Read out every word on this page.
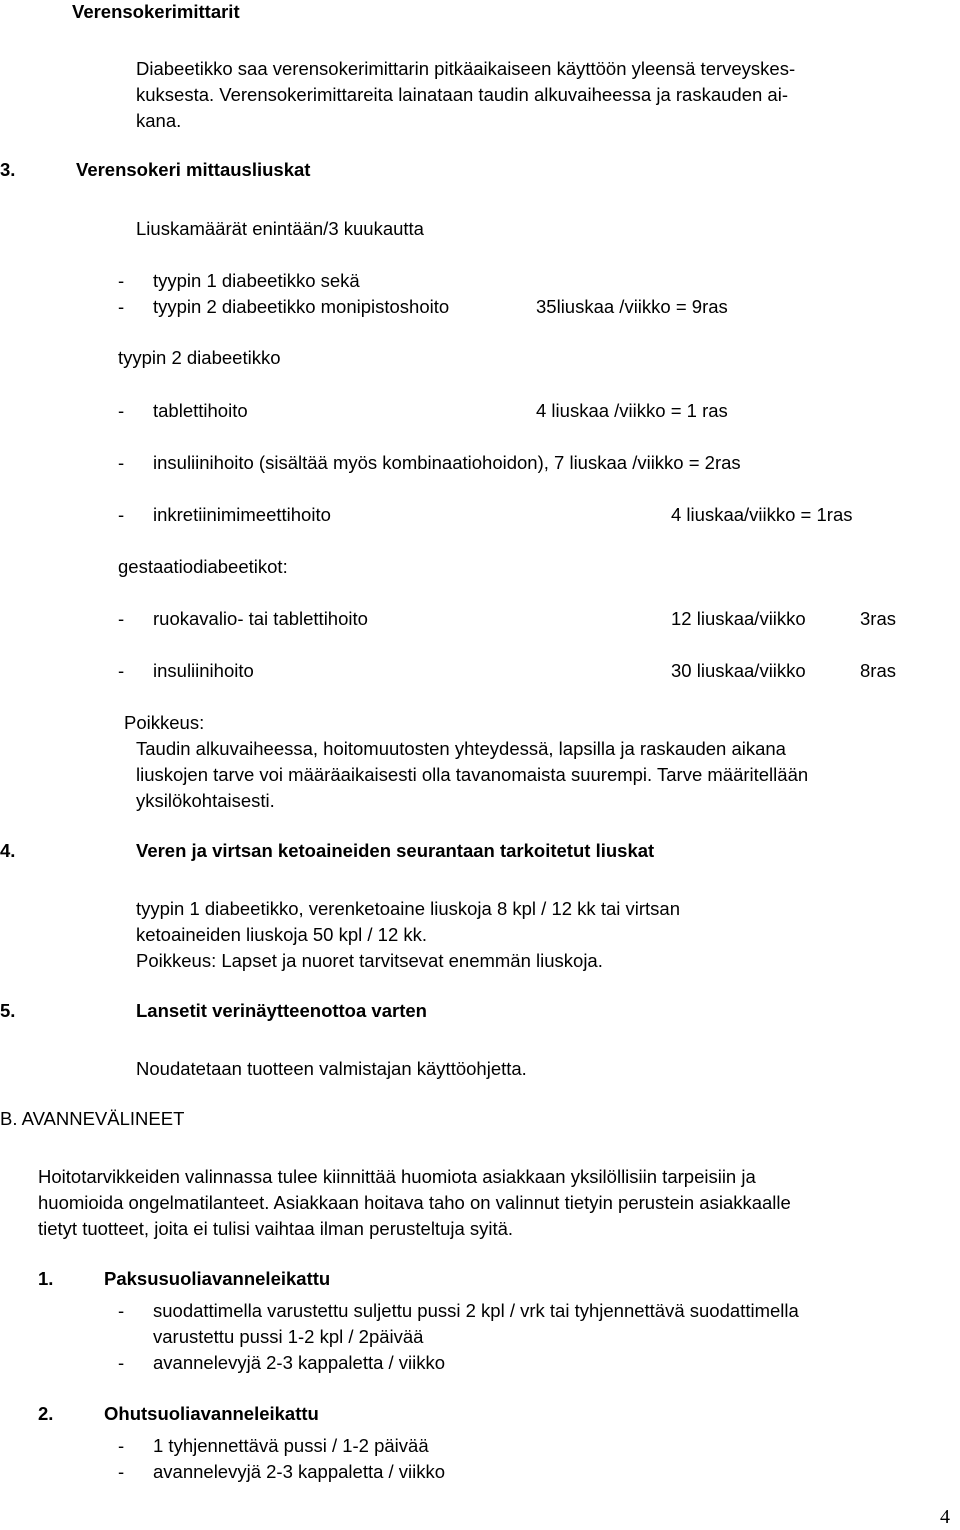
Verensokerimittarit
Diabeetikko saa verensokerimittarin pitkäaikaiseen käyttöön yleensä terveyskes-
kuksesta. Verensokerimittareita lainataan taudin alkuvaiheessa ja raskauden ai-
kana.
3.	Verensokeri mittausliuskat
Liuskamäärät enintään/3 kuukautta
- tyypin 1 diabeetikko sekä
- tyypin 2 diabeetikko monipistoshoito	35liuskaa /viikko = 9ras
tyypin 2 diabeetikko
- tablettihoito	4 liuskaa /viikko = 1 ras
- insuliinihoito (sisältää myös kombinaatiohoidon), 7 liuskaa /viikko = 2ras
- inkretiinimimeettihoito	4 liuskaa/viikko = 1ras
gestaatiodiabeetikot:
- ruokavalio- tai tablettihoito	12 liuskaa/viikko	3ras
- insuliinihoito	30 liuskaa/viikko	8ras
Poikkeus:
Taudin alkuvaiheessa, hoitomuutosten yhteydessä, lapsilla ja raskauden aikana
liuskojen tarve voi määräaikaisesti olla tavanomaista suurempi. Tarve määritellään
yksilökohtaisesti.
4.	Veren ja virtsan ketoaineiden seurantaan tarkoitetut liuskat
tyypin 1 diabeetikko, verenketoaine liuskoja 8 kpl / 12 kk tai virtsan
ketoaineiden liuskoja 50 kpl / 12 kk.
Poikkeus: Lapset ja nuoret tarvitsevat enemmän liuskoja.
5.	Lansetit verinäytteenottoa varten
Noudatetaan tuotteen valmistajan käyttöohjetta.
B. AVANNEVÄLINEET
Hoitotarvikkeiden valinnassa tulee kiinnittää huomiota asiakkaan yksilöllisiin tarpeisiin ja
huomioida ongelmatilanteet. Asiakkaan hoitava taho on valinnut tietyin perustein asiakkaalle
tietyt tuotteet, joita ei tulisi vaihtaa ilman perusteltuja syitä.
1.	Paksusuoliavanneleikattu
- suodattimella varustettu suljettu pussi 2 kpl / vrk tai tyhjennettävä suodattimella
varustettu pussi 1-2 kpl / 2päivää
- avannelevyjä 2-3 kappaletta / viikko
2.	Ohutsuoliavanneleikattu
- 1 tyhjennettävä pussi / 1-2 päivää
- avannelevyjä 2-3 kappaletta / viikko
4
